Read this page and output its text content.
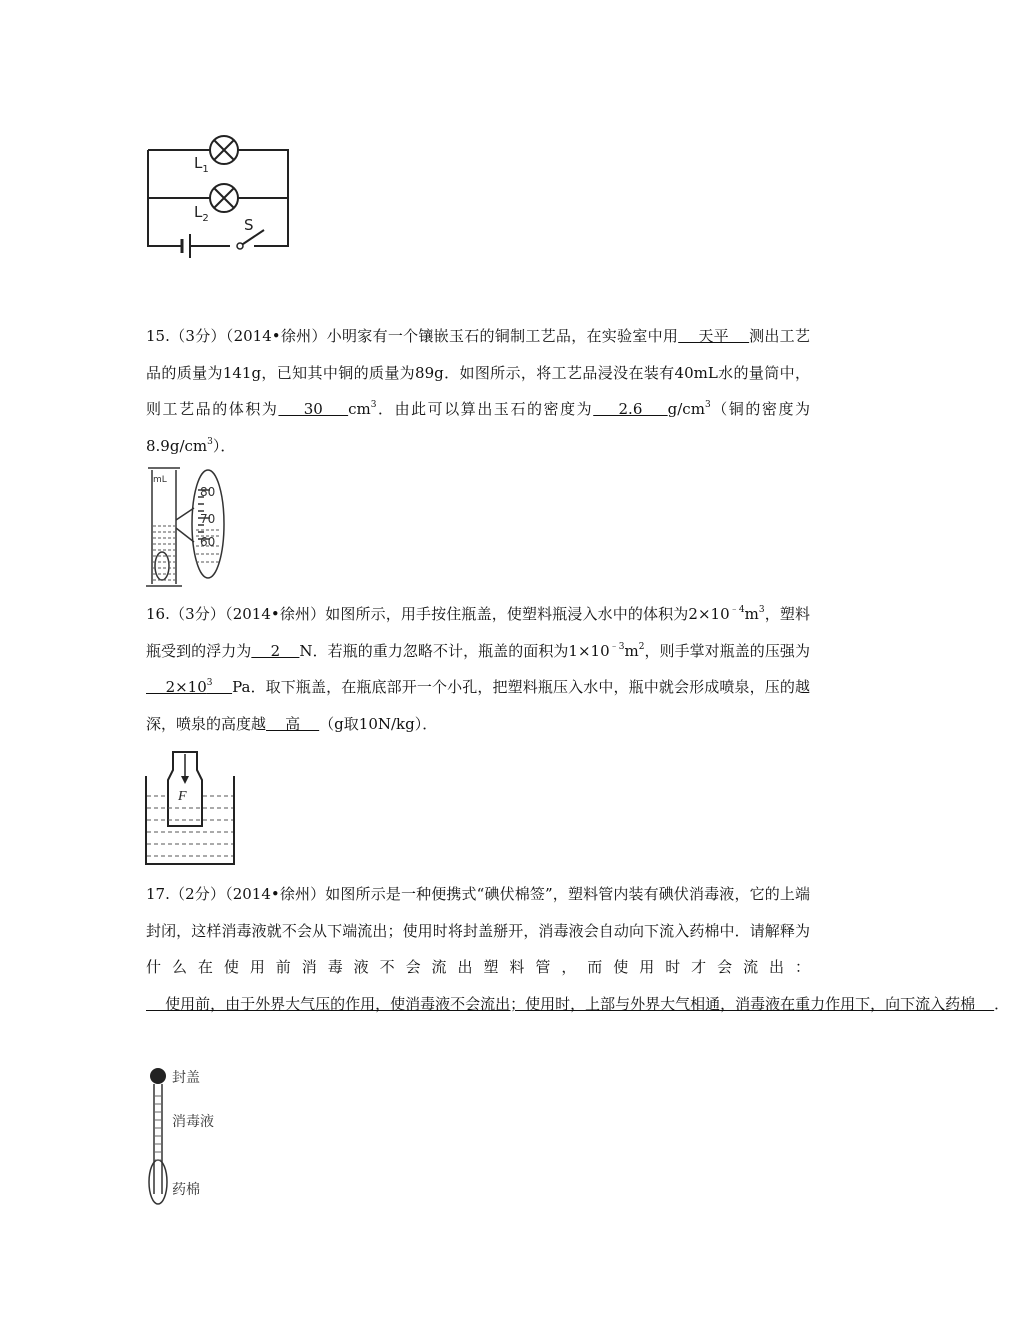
$L_1$
$L_2$ S
15.（3分）（2014•徐州）小明家有一个镶嵌玉石的铜制工艺品，在实验室中用    天平    测出工艺品的质量为141g，已知其中铜的质量为89g．如图所示，将工艺品浸没在装有40mL水的量筒中，则工艺品的体积为    30    $cm^3$．由此可以算出玉石的密度为    2.6    $g/cm^3$（铜的密度为$8.9g/cm^3$）．
mL
80
70
60
16.（3分）（2014•徐州）如图所示，用手按住瓶盖，使塑料瓶浸入水中的体积为$2\times 10^{﹣4}m^3$，塑料瓶受到的浮力为    2    N．若瓶的重力忽略不计，瓶盖的面积为$1\times 10^{﹣3}m^2$，则手掌对瓶盖的压强为    $2\times 10^3$ Pa．取下瓶盖，在瓶底部开一个小孔，把塑料瓶压入水中，瓶中就会形成喷泉，压的越深，喷泉的高度越    高    （g取10N/kg）．
F
17.（2分）（2014•徐州）如图所示是一种便携式“碘伏棉签”，塑料管内装有碘伏消毒液，它的上端封闭，这样消毒液就不会从下端流出；使用时将封盖掰开，消毒液会自动向下流入药棉中．请解释为什么在使用前消毒液不会流出塑料管，而使用时才会流出：    使用前，由于外界大气压的作用，使消毒液不会流出；使用时，上部与外界大气相通，消毒液在重力作用下，向下流入药棉    ．
封盖
消毒液
药棉
